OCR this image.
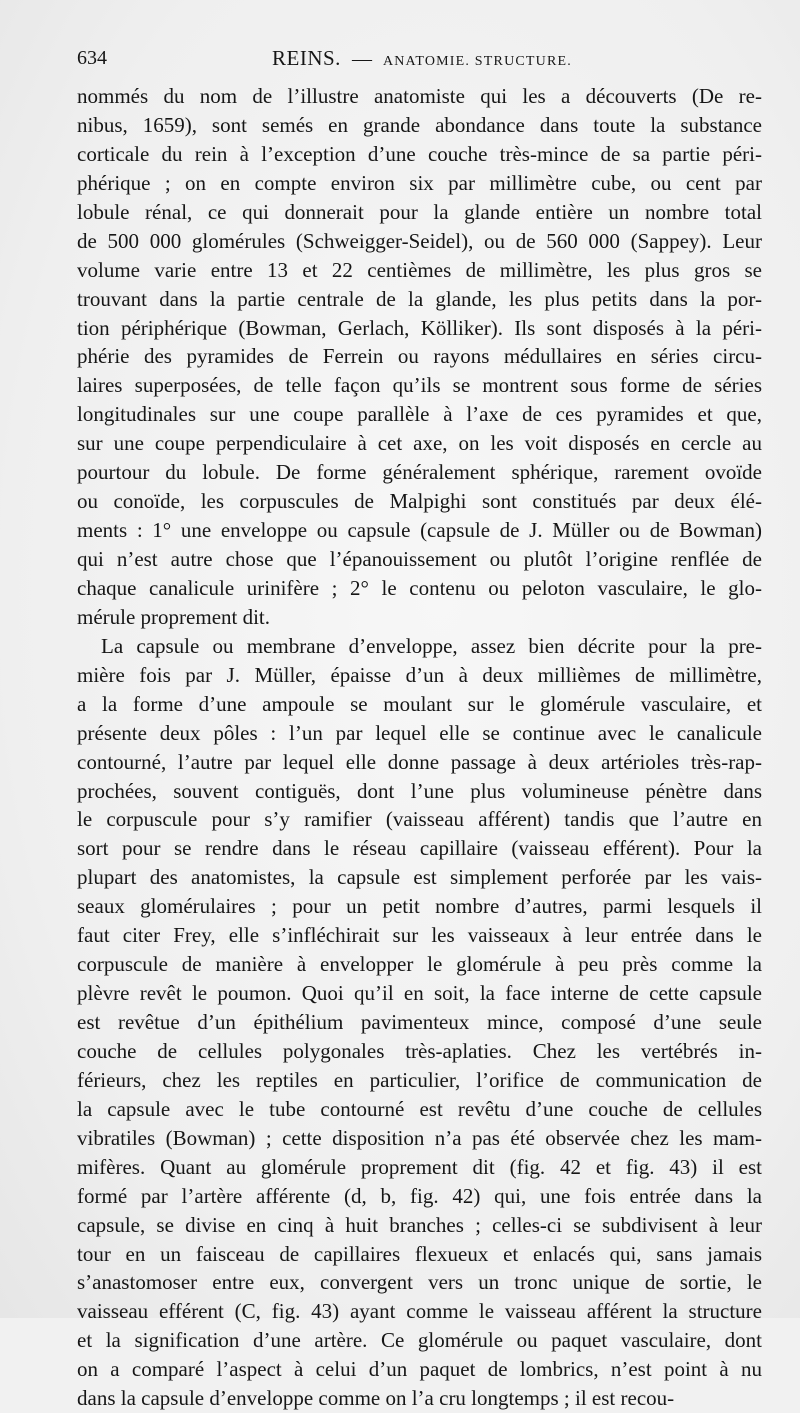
634	REINS. — ANATOMIE. STRUCTURE.

nommés du nom de l’illustre anatomiste qui les a découverts (De re-
nibus, 1659), sont semés en grande abondance dans toute la substance
corticale du rein à l’exception d’une couche très-mince de sa partie péri-
phérique ; on en compte environ six par millimètre cube, ou cent par
lobule rénal, ce qui donnerait pour la glande entière un nombre total
de 500 000 glomérules (Schweigger-Seidel), ou de 560 000 (Sappey). Leur
volume varie entre 13 et 22 centièmes de millimètre, les plus gros se
trouvant dans la partie centrale de la glande, les plus petits dans la por-
tion périphérique (Bowman, Gerlach, Kölliker). Ils sont disposés à la péri-
phérie des pyramides de Ferrein ou rayons médullaires en séries circu-
laires superposées, de telle façon qu’ils se montrent sous forme de séries
longitudinales sur une coupe parallèle à l’axe de ces pyramides et que,
sur une coupe perpendiculaire à cet axe, on les voit disposés en cercle au
pourtour du lobule. De forme généralement sphérique, rarement ovoïde
ou conoïde, les corpuscules de Malpighi sont constitués par deux élé-
ments : 1° une enveloppe ou capsule (capsule de J. Müller ou de Bowman)
qui n’est autre chose que l’épanouissement ou plutôt l’origine renflée de
chaque canalicule urinifère ; 2° le contenu ou peloton vasculaire, le glo-
mérule proprement dit.

La capsule ou membrane d’enveloppe, assez bien décrite pour la pre-
mière fois par J. Müller, épaisse d’un à deux millièmes de millimètre,
a la forme d’une ampoule se moulant sur le glomérule vasculaire, et
présente deux pôles : l’un par lequel elle se continue avec le canalicule
contourné, l’autre par lequel elle donne passage à deux artérioles très-rap-
prochées, souvent contiguës, dont l’une plus volumineuse pénètre dans
le corpuscule pour s’y ramifier (vaisseau afférent) tandis que l’autre en
sort pour se rendre dans le réseau capillaire (vaisseau efférent). Pour la
plupart des anatomistes, la capsule est simplement perforée par les vais-
seaux glomérulaires ; pour un petit nombre d’autres, parmi lesquels il
faut citer Frey, elle s’infléchirait sur les vaisseaux à leur entrée dans le
corpuscule de manière à envelopper le glomérule à peu près comme la
plèvre revêt le poumon. Quoi qu’il en soit, la face interne de cette capsule
est revêtue d’un épithélium pavimenteux mince, composé d’une seule
couche de cellules polygonales très-aplaties. Chez les vertébrés in-
férieurs, chez les reptiles en particulier, l’orifice de communication de
la capsule avec le tube contourné est revêtu d’une couche de cellules
vibratiles (Bowman) ; cette disposition n’a pas été observée chez les mam-
mifères. Quant au glomérule proprement dit (fig. 42 et fig. 43) il est
formé par l’artère afférente (d, b, fig. 42) qui, une fois entrée dans la
capsule, se divise en cinq à huit branches ; celles-ci se subdivisent à leur
tour en un faisceau de capillaires flexueux et enlacés qui, sans jamais
s’anastomoser entre eux, convergent vers un tronc unique de sortie, le
vaisseau efférent (C, fig. 43) ayant comme le vaisseau afférent la structure
et la signification d’une artère. Ce glomérule ou paquet vasculaire, dont
on a comparé l’aspect à celui d’un paquet de lombrics, n’est point à nu
dans la capsule d’enveloppe comme on l’a cru longtemps ; il est recou-
